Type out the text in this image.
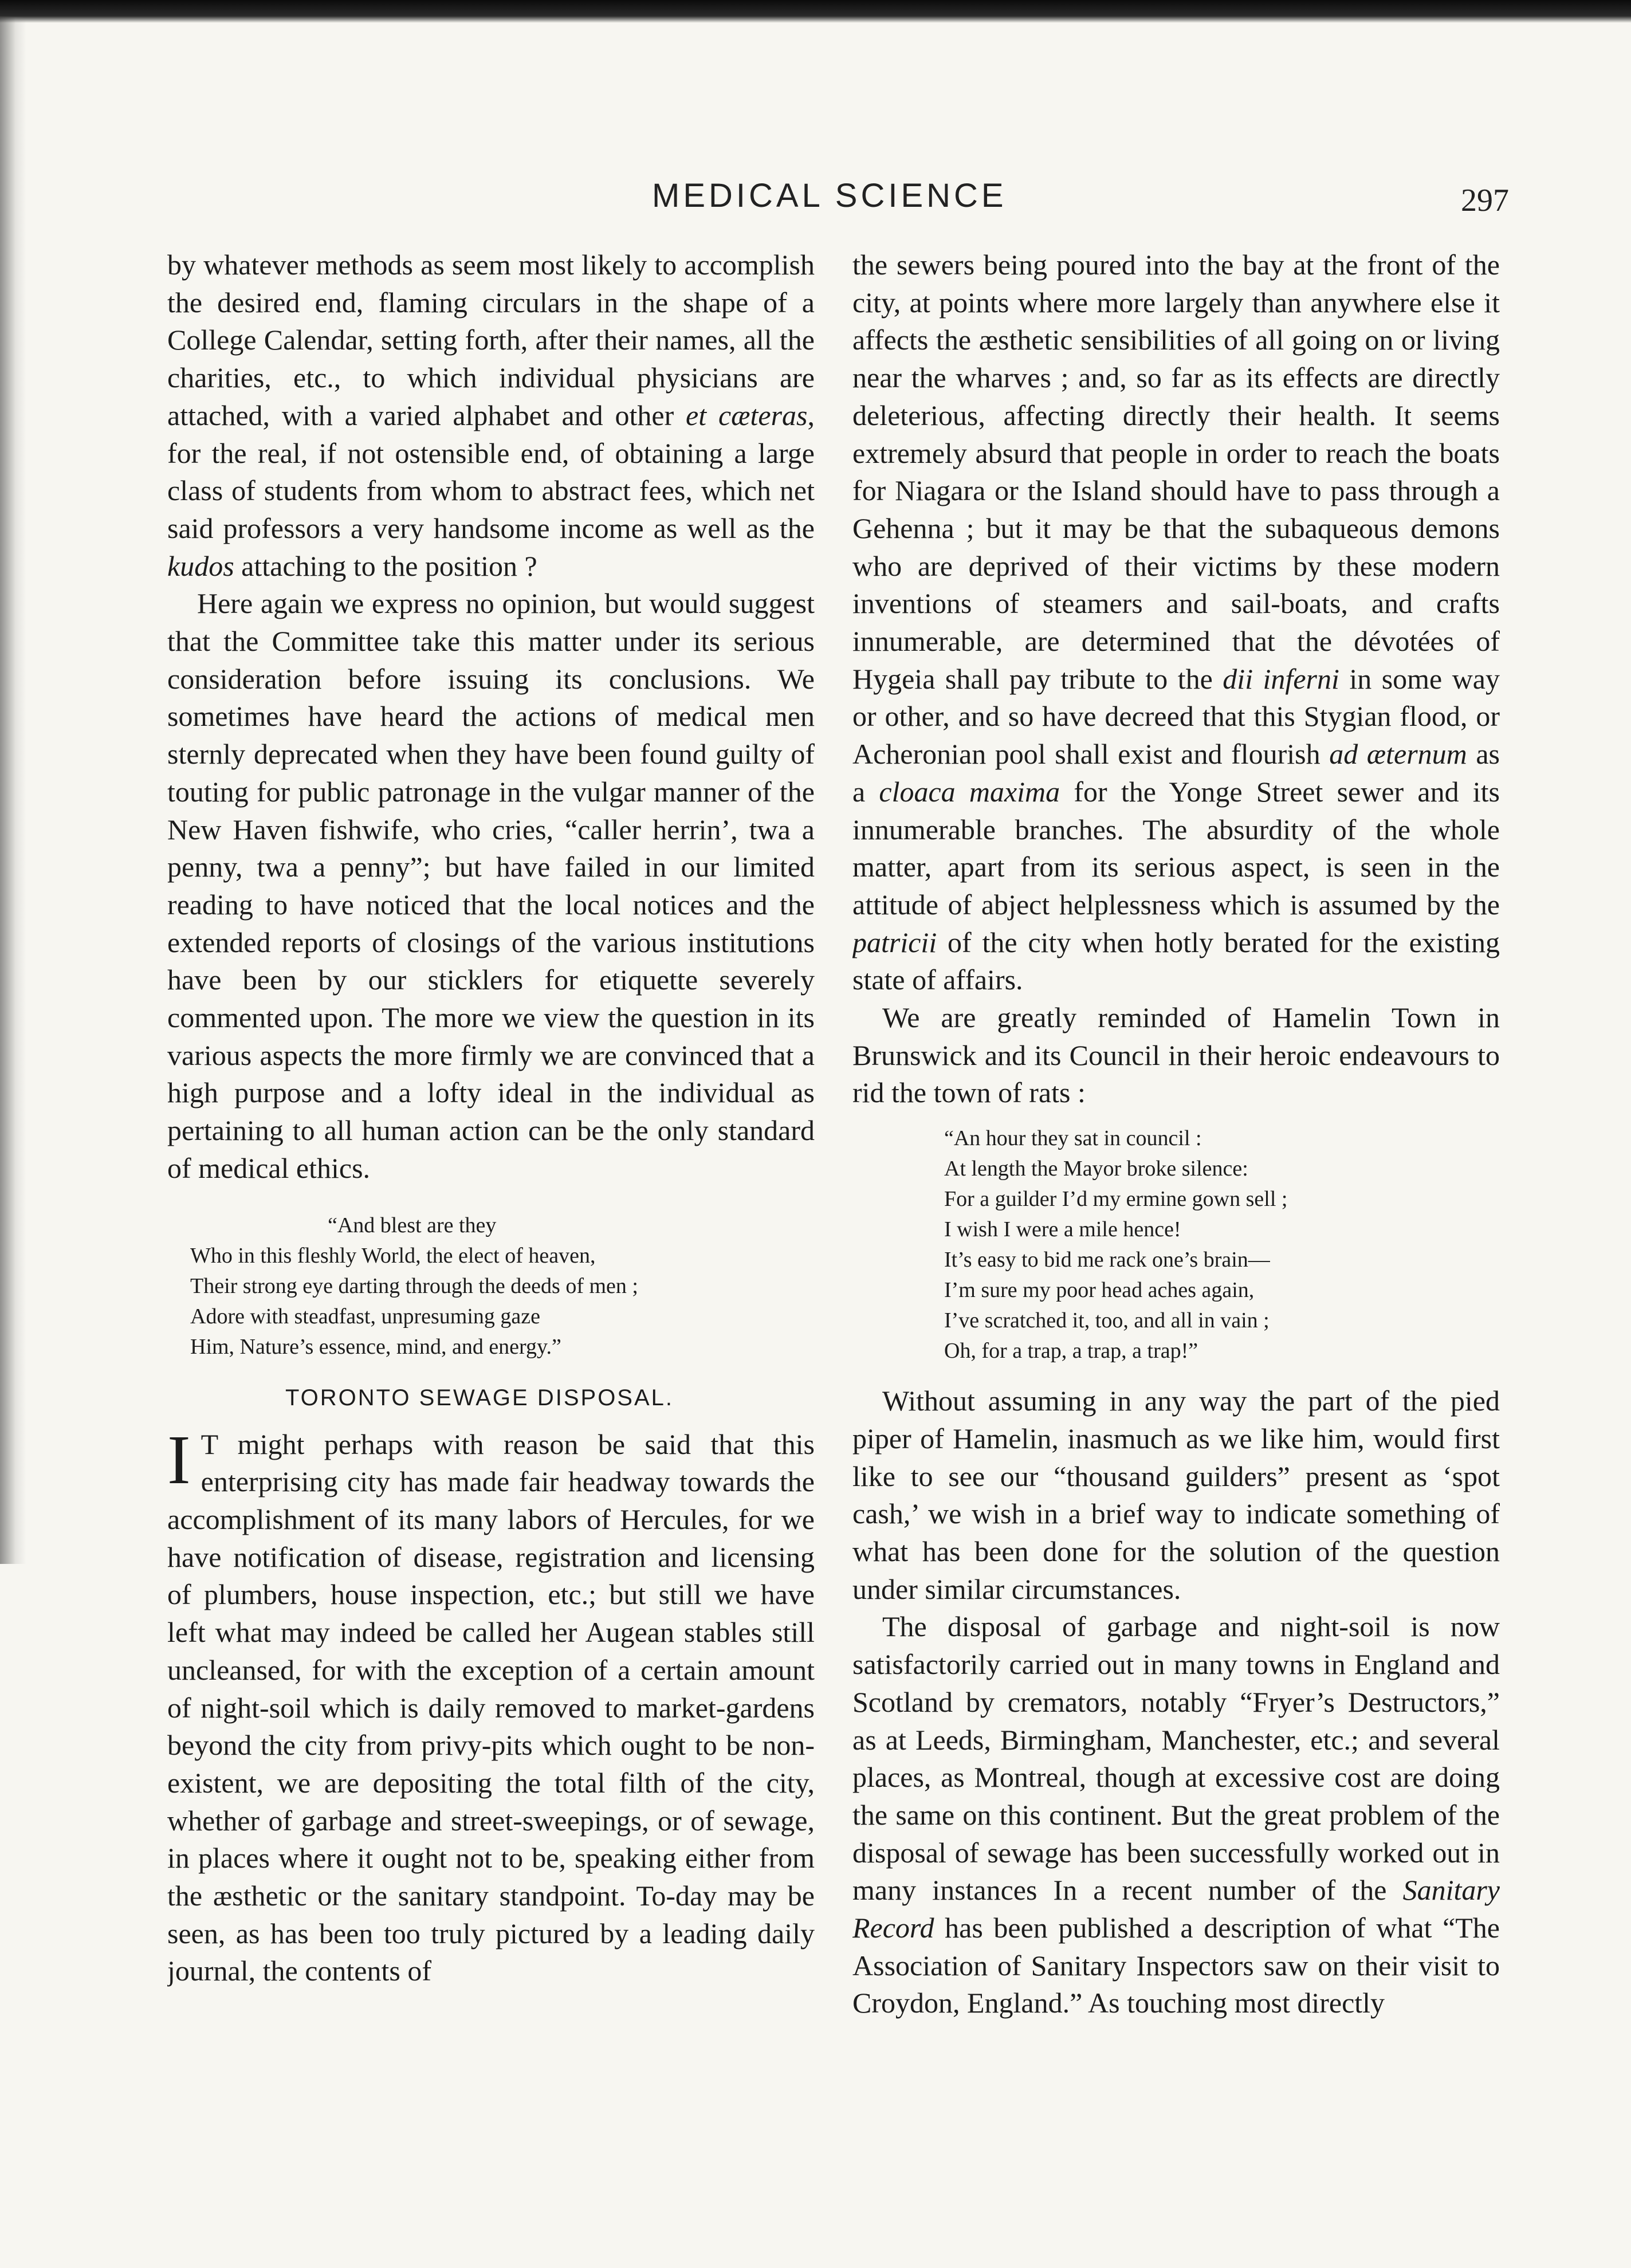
MEDICAL SCIENCE	297

by whatever methods as seem most likely to accomplish the desired end, flaming circulars in the shape of a College Calendar, setting forth, after their names, all the charities, etc., to which individual physicians are attached, with a varied alphabet and other et cæteras, for the real, if not ostensible end, of obtaining a large class of students from whom to abstract fees, which net said professors a very handsome income as well as the kudos attaching to the position ?

Here again we express no opinion, but would suggest that the Committee take this matter under its serious consideration before issuing its conclusions. We sometimes have heard the actions of medical men sternly deprecated when they have been found guilty of touting for public patronage in the vulgar manner of the New Haven fishwife, who cries, “caller herrin’, twa a penny, twa a penny”; but have failed in our limited reading to have noticed that the local notices and the extended reports of closings of the various institutions have been by our sticklers for etiquette severely commented upon. The more we view the question in its various aspects the more firmly we are convinced that a high purpose and a lofty ideal in the individual as pertaining to all human action can be the only standard of medical ethics.

“And blest are they
Who in this fleshly World, the elect of heaven,
Their strong eye darting through the deeds of men ;
Adore with steadfast, unpresuming gaze
Him, Nature’s essence, mind, and energy.”
TORONTO SEWAGE DISPOSAL.

I T might perhaps with reason be said that this enterprising city has made fair headway towards the accomplishment of its many labors of Hercules, for we have notification of disease, registration and licensing of plumbers, house inspection, etc.; but still we have left what may indeed be called her Augean stables still uncleansed, for with the exception of a certain amount of night-soil which is daily removed to market-gardens beyond the city from privy-pits which ought to be non-existent, we are depositing the total filth of the city, whether of garbage and street-sweepings, or of sewage, in places where it ought not to be, speaking either from the æsthetic or the sanitary standpoint. To-day may be seen, as has been too truly pictured by a leading daily journal, the contents of

the sewers being poured into the bay at the front of the city, at points where more largely than anywhere else it affects the æsthetic sensibilities of all going on or living near the wharves ; and, so far as its effects are directly deleterious, affecting directly their health. It seems extremely absurd that people in order to reach the boats for Niagara or the Island should have to pass through a Gehenna ; but it may be that the subaqueous demons who are deprived of their victims by these modern inventions of steamers and sail-boats, and crafts innumerable, are determined that the dévotées of Hygeia shall pay tribute to the dii inferni in some way or other, and so have decreed that this Stygian flood, or Acheronian pool shall exist and flourish ad æternum as a cloaca maxima for the Yonge Street sewer and its innumerable branches. The absurdity of the whole matter, apart from its serious aspect, is seen in the attitude of abject helplessness which is assumed by the patricii of the city when hotly berated for the existing state of affairs.

We are greatly reminded of Hamelin Town in Brunswick and its Council in their heroic endeavours to rid the town of rats :

“An hour they sat in council :
At length the Mayor broke silence:
For a guilder I’d my ermine gown sell ;
I wish I were a mile hence!
It’s easy to bid me rack one’s brain—
I’m sure my poor head aches again,
I’ve scratched it, too, and all in vain ;
Oh, for a trap, a trap, a trap!”

Without assuming in any way the part of the pied piper of Hamelin, inasmuch as we like him, would first like to see our “thousand guilders” present as ‘spot cash,’ we wish in a brief way to indicate something of what has been done for the solution of the question under similar circumstances.

The disposal of garbage and night-soil is now satisfactorily carried out in many towns in England and Scotland by cremators, notably “Fryer’s Destructors,” as at Leeds, Birmingham, Manchester, etc.; and several places, as Montreal, though at excessive cost are doing the same on this continent. But the great problem of the disposal of sewage has been successfully worked out in many instances In a recent number of the Sanitary Record has been published a description of what “The Association of Sanitary Inspectors saw on their visit to Croydon, England.” As touching most directly
